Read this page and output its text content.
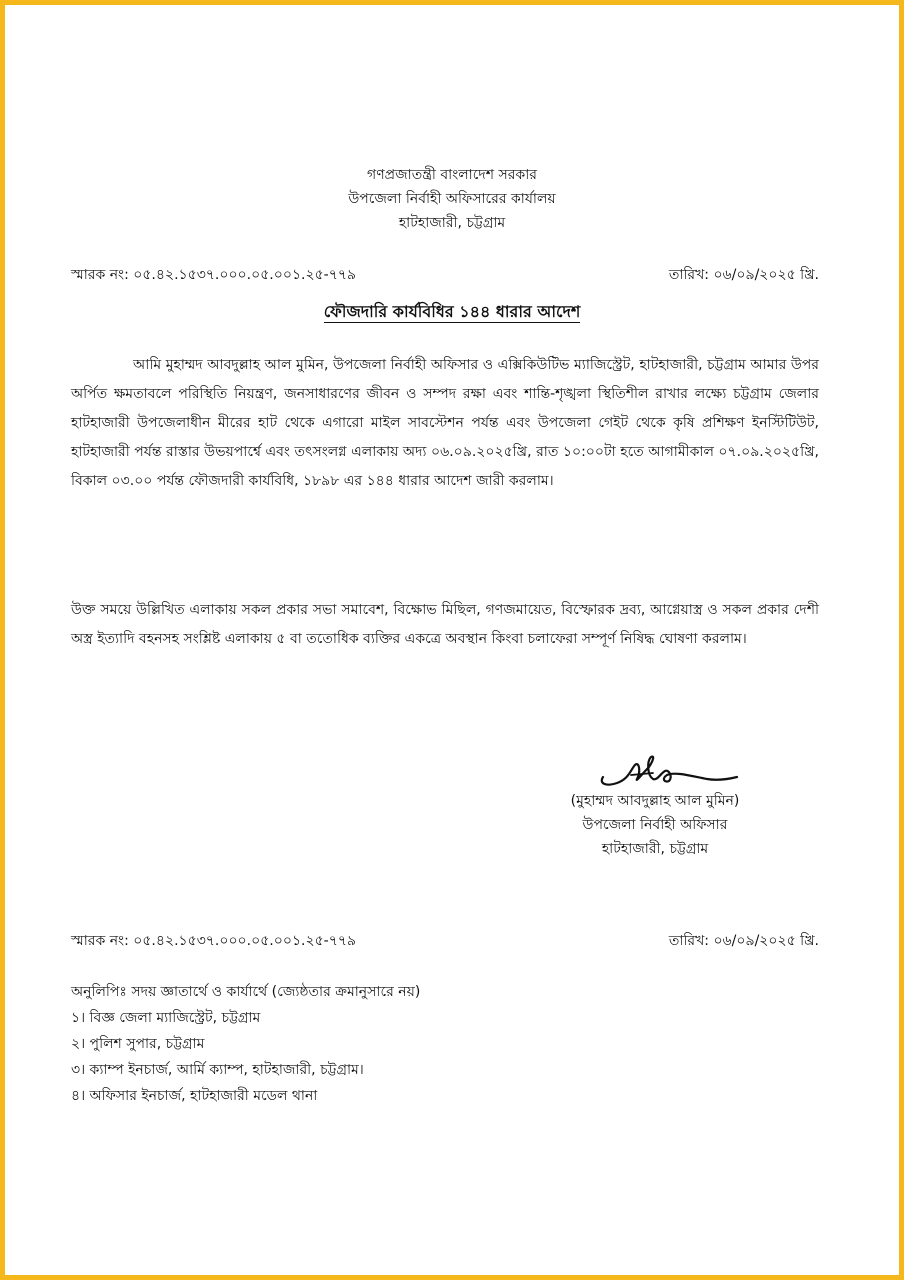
গণপ্রজাতন্ত্রী বাংলাদেশ সরকার
উপজেলা নির্বাহী অফিসারের কার্যালয়
হাটহাজারী, চট্টগ্রাম
স্মারক নং: ০৫.৪২.১৫৩৭.০০০.০৫.০০১.২৫-৭৭৯	তারিখ: ০৬/০৯/২০২৫ খ্রি.
ফৌজদারি কার্যবিধির ১৪৪ ধারার আদেশ
আমি মুহাম্মদ আবদুল্লাহ আল মুমিন, উপজেলা নির্বাহী অফিসার ও এক্সিকিউটিভ ম্যাজিস্ট্রেট, হাটহাজারী, চট্টগ্রাম আমার উপর অর্পিত ক্ষমতাবলে পরিস্থিতি নিয়ন্ত্রণ, জনসাধারণের জীবন ও সম্পদ রক্ষা এবং শান্তি-শৃঙ্খলা স্থিতিশীল রাখার লক্ষ্যে চট্টগ্রাম জেলার হাটহাজারী উপজেলাধীন মীরের হাট থেকে এগারো মাইল সাবস্টেশন পর্যন্ত এবং উপজেলা গেইট থেকে কৃষি প্রশিক্ষণ ইনস্টিটিউট, হাটহাজারী পর্যন্ত রাস্তার উভয়পার্শ্বে এবং তৎসংলগ্ন এলাকায় অদ্য ০৬.০৯.২০২৫খ্রি, রাত ১০:০০টা হতে আগামীকাল ০৭.০৯.২০২৫খ্রি, বিকাল ০৩.০০ পর্যন্ত ফৌজদারী কার্যবিধি, ১৮৯৮ এর ১৪৪ ধারার আদেশ জারী করলাম।
উক্ত সময়ে উল্লিখিত এলাকায় সকল প্রকার সভা সমাবেশ, বিক্ষোভ মিছিল, গণজমায়েত, বিস্ফোরক দ্রব্য, আগ্নেয়াস্ত্র ও সকল প্রকার দেশী অস্ত্র ইত্যাদি বহনসহ সংশ্লিষ্ট এলাকায় ৫ বা ততোধিক ব্যক্তির একত্রে অবস্থান কিংবা চলাফেরা সম্পূর্ণ নিষিদ্ধ ঘোষণা করলাম।
(মুহাম্মদ আবদুল্লাহ আল মুমিন)
উপজেলা নির্বাহী অফিসার
হাটহাজারী, চট্টগ্রাম
স্মারক নং: ০৫.৪২.১৫৩৭.০০০.০৫.০০১.২৫-৭৭৯	তারিখ: ০৬/০৯/২০২৫ খ্রি.
অনুলিপিঃ সদয় জ্ঞাতার্থে ও কার্যার্থে (জ্যেষ্ঠতার ক্রমানুসারে নয়)
১। বিজ্ঞ জেলা ম্যাজিস্ট্রেট, চট্টগ্রাম
২। পুলিশ সুপার, চট্টগ্রাম
৩। ক্যাম্প ইনচার্জ, আর্মি ক্যাম্প, হাটহাজারী, চট্টগ্রাম।
৪। অফিসার ইনচার্জ, হাটহাজারী মডেল থানা
